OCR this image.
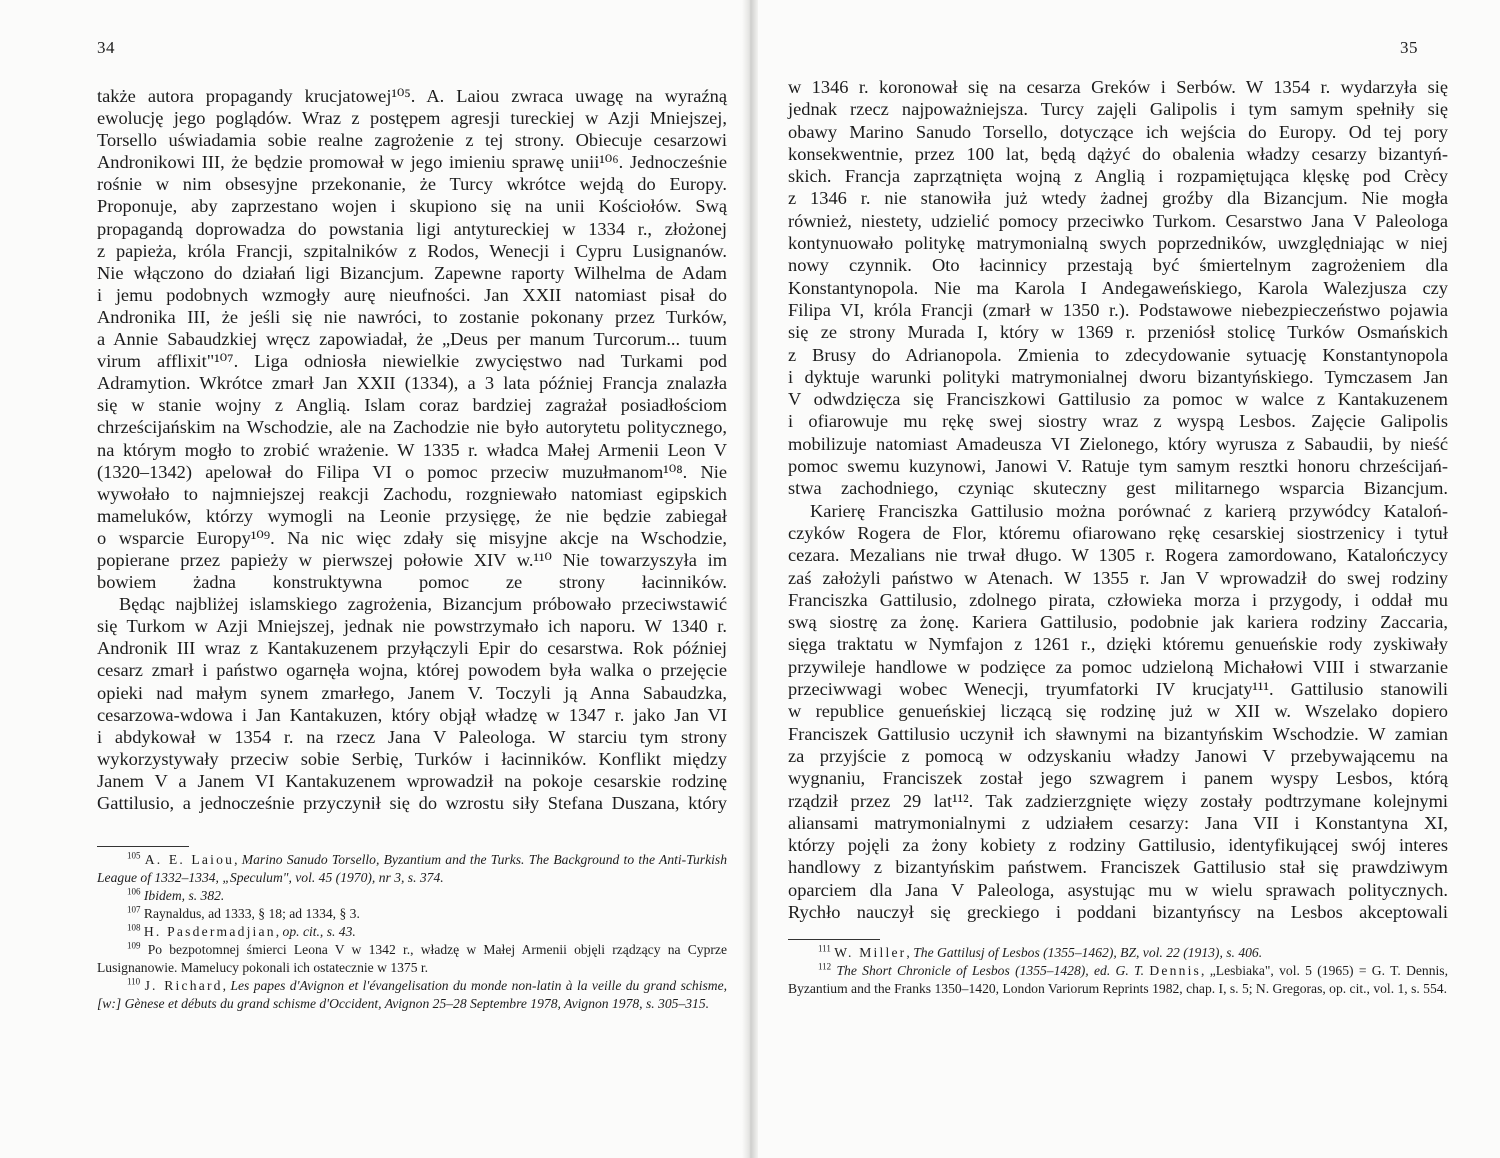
34

także autora propagandy krucjatowej¹⁰⁵. A. Laiou zwraca uwagę na wyraźną
ewolucję jego poglądów. Wraz z postępem agresji tureckiej w Azji Mniejszej,
Torsello uświadamia sobie realne zagrożenie z tej strony. Obiecuje cesarzowi
Andronikowi III, że będzie promował w jego imieniu sprawę unii¹⁰⁶. Jednocześnie
rośnie w nim obsesyjne przekonanie, że Turcy wkrótce wejdą do Europy.
Proponuje, aby zaprzestano wojen i skupiono się na unii Kościołów. Swą
propagandą doprowadza do powstania ligi antytureckiej w 1334 r., złożonej
z papieża, króla Francji, szpitalników z Rodos, Wenecji i Cypru Lusignanów.
Nie włączono do działań ligi Bizancjum. Zapewne raporty Wilhelma de Adam
i jemu podobnych wzmogły aurę nieufności. Jan XXII natomiast pisał do
Andronika III, że jeśli się nie nawróci, to zostanie pokonany przez Turków,
a Annie Sabaudzkiej wręcz zapowiadał, że „Deus per manum Turcorum... tuum
virum afflixit"¹⁰⁷. Liga odniosła niewielkie zwycięstwo nad Turkami pod
Adramytion. Wkrótce zmarł Jan XXII (1334), a 3 lata później Francja znalazła
się w stanie wojny z Anglią. Islam coraz bardziej zagrażał posiadłościom
chrześcijańskim na Wschodzie, ale na Zachodzie nie było autorytetu politycznego,
na którym mogło to zrobić wrażenie. W 1335 r. władca Małej Armenii Leon V
(1320–1342) apelował do Filipa VI o pomoc przeciw muzułmanom¹⁰⁸. Nie
wywołało to najmniejszej reakcji Zachodu, rozgniewało natomiast egipskich
mameluków, którzy wymogli na Leonie przysięgę, że nie będzie zabiegał
o wsparcie Europy¹⁰⁹. Na nic więc zdały się misyjne akcje na Wschodzie,
popierane przez papieży w pierwszej połowie XIV w.¹¹⁰ Nie towarzyszyła im
bowiem żadna konstruktywna pomoc ze strony łacinników.

Będąc najbliżej islamskiego zagrożenia, Bizancjum próbowało przeciwstawić
się Turkom w Azji Mniejszej, jednak nie powstrzymało ich naporu. W 1340 r.
Andronik III wraz z Kantakuzenem przyłączyli Epir do cesarstwa. Rok później
cesarz zmarł i państwo ogarnęła wojna, której powodem była walka o przejęcie
opieki nad małym synem zmarłego, Janem V. Toczyli ją Anna Sabaudzka,
cesarzowa-wdowa i Jan Kantakuzen, który objął władzę w 1347 r. jako Jan VI
i abdykował w 1354 r. na rzecz Jana V Paleologa. W starciu tym strony
wykorzystywały przeciw sobie Serbię, Turków i łacinników. Konflikt między
Janem V a Janem VI Kantakuzenem wprowadził na pokoje cesarskie rodzinę
Gattilusio, a jednocześnie przyczynił się do wzrostu siły Stefana Duszana, który

$^{105}$ A. E. Laiou, Marino Sanudo Torsello, Byzantium and the Turks. The Background to the Anti-Turkish League of 1332–1334, „Speculum", vol. 45 (1970), nr 3, s. 374.

$^{106}$ Ibidem, s. 382.

$^{107}$ Raynaldus, ad 1333, § 18; ad 1334, § 3.

$^{108}$ H. Pasdermadjian, op. cit., s. 43.

$^{109}$ Po bezpotomnej śmierci Leona V w 1342 r., władzę w Małej Armenii objęli rządzący na Cyprze Lusignanowie. Mamelucy pokonali ich ostatecznie w 1375 r.

$^{110}$ J. Richard, Les papes d'Avignon et l'évangelisation du monde non-latin à la veille du grand schisme, [w:] Gènese et débuts du grand schisme d'Occident, Avignon 25–28 Septembre 1978, Avignon 1978, s. 305–315.

35

w 1346 r. koronował się na cesarza Greków i Serbów. W 1354 r. wydarzyła się
jednak rzecz najpoważniejsza. Turcy zajęli Galipolis i tym samym spełniły się
obawy Marino Sanudo Torsello, dotyczące ich wejścia do Europy. Od tej pory
konsekwentnie, przez 100 lat, będą dążyć do obalenia władzy cesarzy bizantyń-
skich. Francja zaprzątnięta wojną z Anglią i rozpamiętująca klęskę pod Crècy
z 1346 r. nie stanowiła już wtedy żadnej groźby dla Bizancjum. Nie mogła
również, niestety, udzielić pomocy przeciwko Turkom. Cesarstwo Jana V Paleologa
kontynuowało politykę matrymonialną swych poprzedników, uwzględniając w niej
nowy czynnik. Oto łacinnicy przestają być śmiertelnym zagrożeniem dla
Konstantynopola. Nie ma Karola I Andegaweńskiego, Karola Walezjusza czy
Filipa VI, króla Francji (zmarł w 1350 r.). Podstawowe niebezpieczeństwo pojawia
się ze strony Murada I, który w 1369 r. przeniósł stolicę Turków Osmańskich
z Brusy do Adrianopola. Zmienia to zdecydowanie sytuację Konstantynopola
i dyktuje warunki polityki matrymonialnej dworu bizantyńskiego. Tymczasem Jan
V odwdzięcza się Franciszkowi Gattilusio za pomoc w walce z Kantakuzenem
i ofiarowuje mu rękę swej siostry wraz z wyspą Lesbos. Zajęcie Galipolis
mobilizuje natomiast Amadeusza VI Zielonego, który wyrusza z Sabaudii, by nieść
pomoc swemu kuzynowi, Janowi V. Ratuje tym samym resztki honoru chrześcijań-
stwa zachodniego, czyniąc skuteczny gest militarnego wsparcia Bizancjum.

Karierę Franciszka Gattilusio można porównać z karierą przywódcy Katalоń-
czyków Rogera de Flor, któremu ofiarowano rękę cesarskiej siostrzenicy i tytuł
cezara. Mezalians nie trwał długo. W 1305 r. Rogera zamordowano, Katalończycy
zaś założyli państwo w Atenach. W 1355 r. Jan V wprowadził do swej rodziny
Franciszka Gattilusio, zdolnego pirata, człowieka morza i przygody, i oddał mu
swą siostrę za żonę. Kariera Gattilusio, podobnie jak kariera rodziny Zaccaria,
sięga traktatu w Nymfajon z 1261 r., dzięki któremu genueńskie rody zyskiwały
przywileje handlowe w podzięce za pomoc udzieloną Michałowi VIII i stwarzanie
przeciwwagi wobec Wenecji, tryumfatorki IV krucjaty¹¹¹. Gattilusio stanowili
w republice genueńskiej liczącą się rodzinę już w XII w. Wszelako dopiero
Franciszek Gattilusio uczynił ich sławnymi na bizantyńskim Wschodzie. W zamian
za przyjście z pomocą w odzyskaniu władzy Janowi V przebywającemu na
wygnaniu, Franciszek został jego szwagrem i panem wyspy Lesbos, którą
rządził przez 29 lat¹¹². Tak zadzierzgnięte więzy zostały podtrzymane kolejnymi
aliansami matrymonialnymi z udziałem cesarzy: Jana VII i Konstantyna XI,
którzy pojęli za żony kobiety z rodziny Gattilusio, identyfikującej swój interes
handlowy z bizantyńskim państwem. Franciszek Gattilusio stał się prawdziwym
oparciem dla Jana V Paleologa, asystując mu w wielu sprawach politycznych.
Rychło nauczył się greckiego i poddani bizantyńscy na Lesbos akceptowali

$^{111}$ W. Miller, The Gattilusj of Lesbos (1355–1462), BZ, vol. 22 (1913), s. 406.

$^{112}$ The Short Chronicle of Lesbos (1355–1428), ed. G. T. Dennis, „Lesbiaka", vol. 5 (1965) = G. T. Dennis, Byzantium and the Franks 1350–1420, London Variorum Reprints 1982, chap. I, s. 5; N. Gregoras, op. cit., vol. 1, s. 554.
